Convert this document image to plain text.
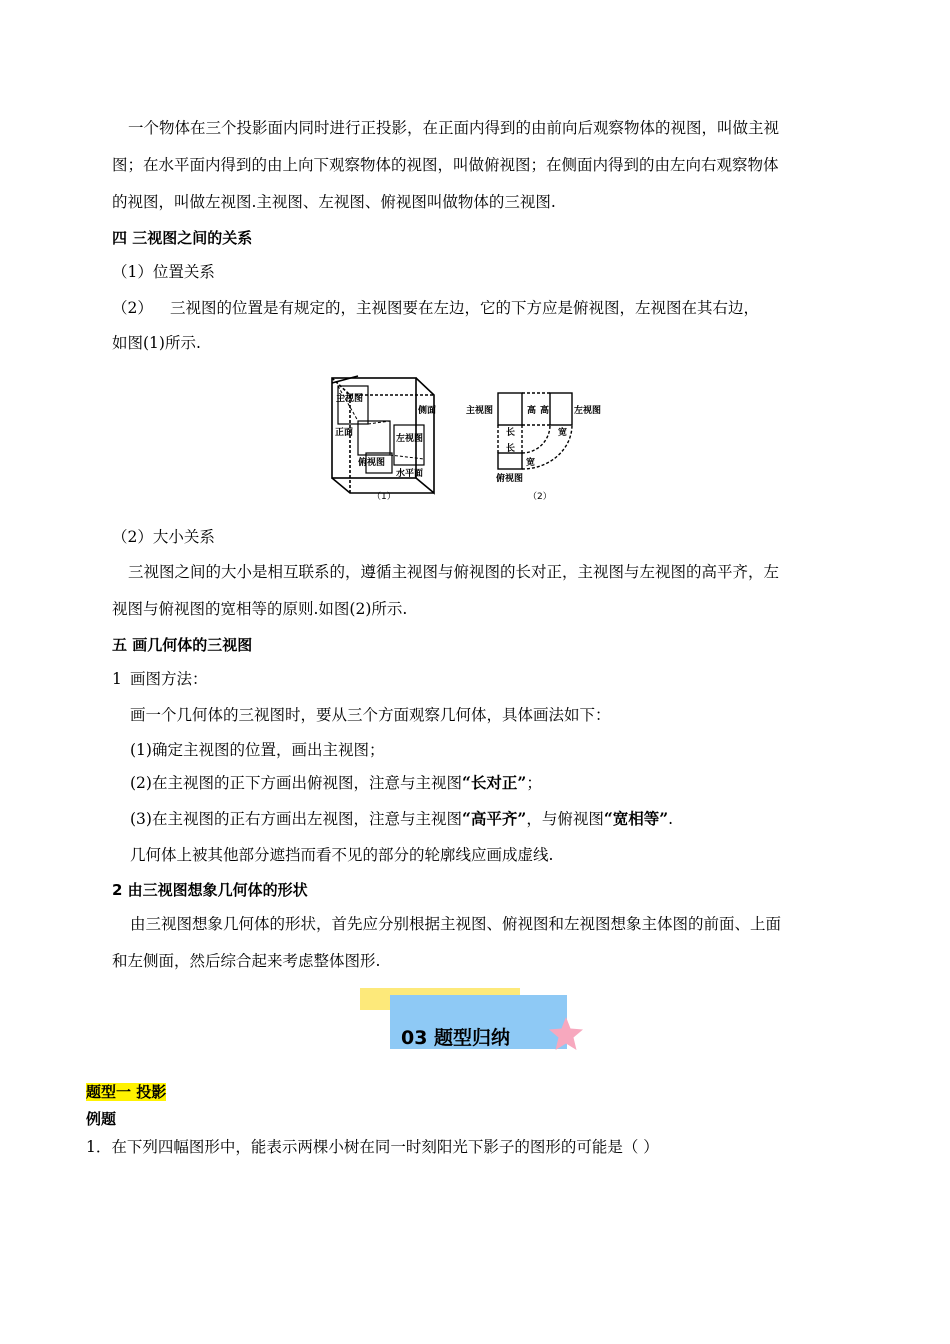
一个物体在三个投影面内同时进行正投影，在正面内得到的由前向后观察物体的视图，叫做主视
图；在水平面内得到的由上向下观察物体的视图，叫做俯视图；在侧面内得到的由左向右观察物体
的视图，叫做左视图.主视图、左视图、俯视图叫做物体的三视图.
四 三视图之间的关系
（1）位置关系
（2） 三视图的位置是有规定的，主视图要在左边，它的下方应是俯视图，左视图在其右边，
如图(1)所示.
主视图
正面
侧面
左视图
俯视图
水平面
（1）
主视图	左视图
高 高
长
长
宽
宽
俯视图
（2）
（2）大小关系
三视图之间的大小是相互联系的，遵循主视图与俯视图的长对正，主视图与左视图的高平齐，左
视图与俯视图的宽相等的原则.如图(2)所示.
五 画几何体的三视图
1 画图方法：
画一个几何体的三视图时，要从三个方面观察几何体，具体画法如下：
(1)确定主视图的位置，画出主视图；
(2)在主视图的正下方画出俯视图，注意与主视图“长对正”；
(3)在主视图的正右方画出左视图，注意与主视图“高平齐”，与俯视图“宽相等”.
几何体上被其他部分遮挡而看不见的部分的轮廓线应画成虚线.
2 由三视图想象几何体的形状
由三视图想象几何体的形状，首先应分别根据主视图、俯视图和左视图想象主体图的前面、上面
和左侧面，然后综合起来考虑整体图形.
03 题型归纳
题型一 投影
例题
1．在下列四幅图形中，能表示两棵小树在同一时刻阳光下影子的图形的可能是（ ）
